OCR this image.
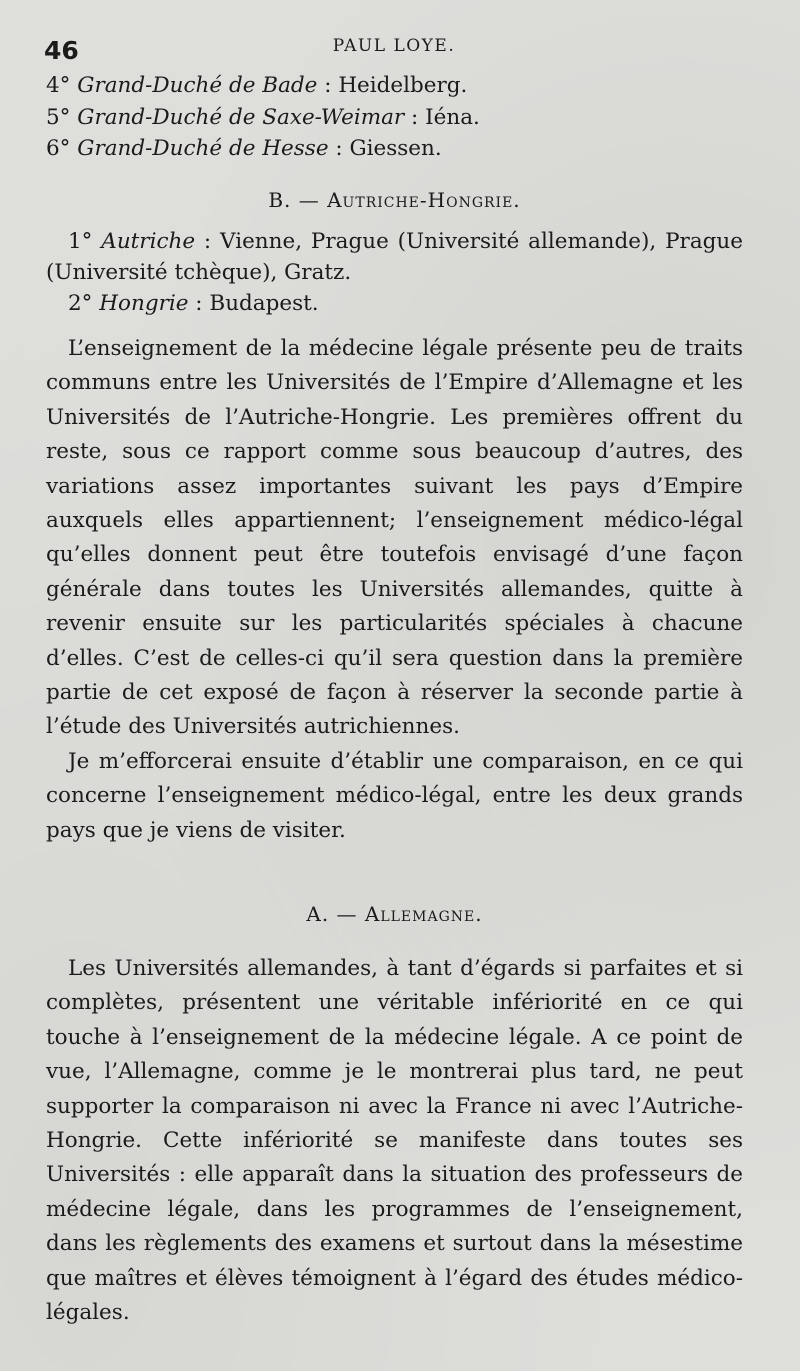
46	PAUL LOYE.
4° Grand-Duché de Bade : Heidelberg.
5° Grand-Duché de Saxe-Weimar : Iéna.
6° Grand-Duché de Hesse : Giessen.
B. — Autriche-Hongrie.
1° Autriche : Vienne, Prague (Université allemande), Prague (Université tchèque), Gratz.
2° Hongrie : Budapest.

L’enseignement de la médecine légale présente peu de traits communs entre les Universités de l’Empire d’Allemagne et les Universités de l’Autriche-Hongrie. Les premières offrent du reste, sous ce rapport comme sous beaucoup d’autres, des variations assez importantes suivant les pays d’Empire auxquels elles appartiennent; l’enseignement médico-légal qu’elles donnent peut être toutefois envisagé d’une façon générale dans toutes les Universités allemandes, quitte à revenir ensuite sur les particularités spéciales à chacune d’elles. C’est de celles-ci qu’il sera question dans la première partie de cet exposé de façon à réserver la seconde partie à l’étude des Universités autrichiennes.

Je m’efforcerai ensuite d’établir une comparaison, en ce qui concerne l’enseignement médico-légal, entre les deux grands pays que je viens de visiter.

A. — Allemagne.

Les Universités allemandes, à tant d’égards si parfaites et si complètes, présentent une véritable infériorité en ce qui touche à l’enseignement de la médecine légale. A ce point de vue, l’Allemagne, comme je le montrerai plus tard, ne peut supporter la comparaison ni avec la France ni avec l’Autriche-Hongrie. Cette infériorité se manifeste dans toutes ses Universités : elle apparaît dans la situation des professeurs de médecine légale, dans les programmes de l’enseignement, dans les règlements des examens et surtout dans la mésestime que maîtres et élèves témoignent à l’égard des études médico-légales.
